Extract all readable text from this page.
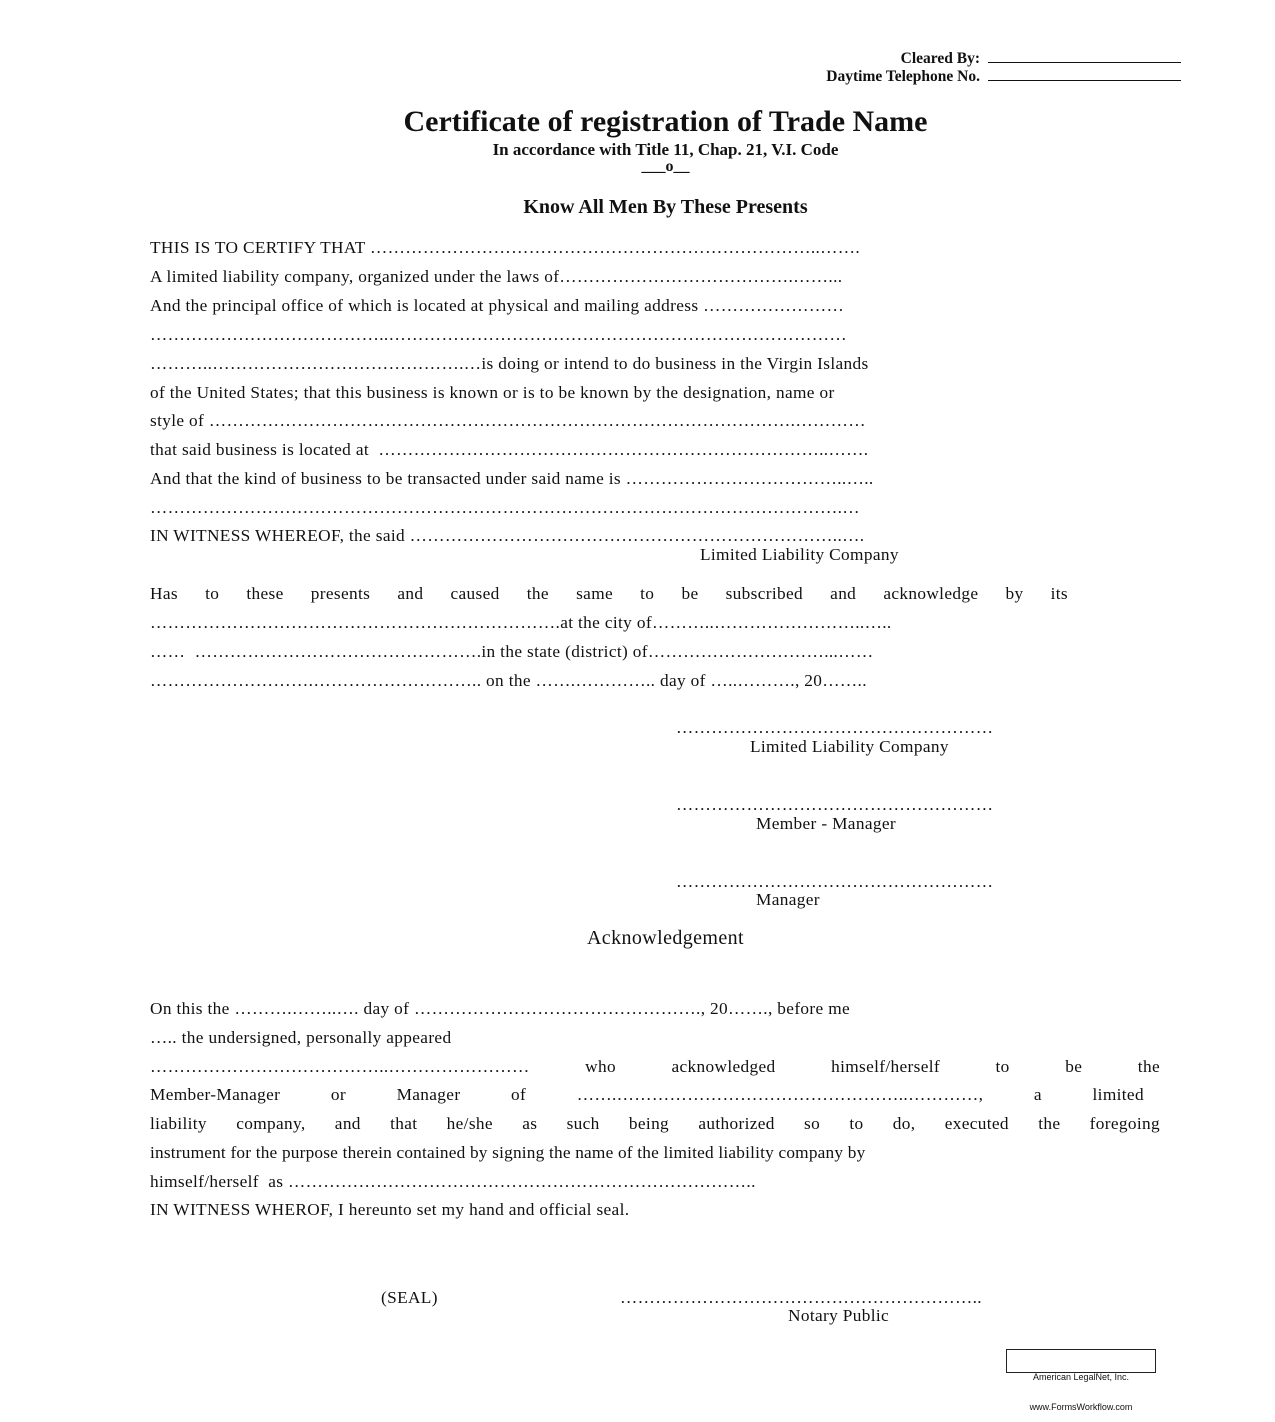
Cleared By:
Daytime Telephone No.
Certificate of registration of Trade Name
In accordance with Title 11, Chap. 21, V.I. Code
___o__
Know All Men By These Presents
THIS IS TO CERTIFY THAT …………………………………………………………………..…….
A limited liability company, organized under the laws of………………………………….……...
And the principal office of which is located at physical and mailing address ……………………
…………………………………..……………………………………………………………………
………..…………………………………….…is doing or intend to do business in the Virgin Islands
of the United States; that this business is known or is to be known by the designation, name or
style of ……………………………………………………………………………………….…………
that said business is located at  …………………………………………………………………..…….
And that the kind of business to be transacted under said name is ………………………………..…..
……………………………………………………………………………………………………….…
IN WITNESS WHEREOF, the said ………………………………………………………………..….
Limited Liability Company
Has to these presents and caused the same to be subscribed and acknowledge by its
…………………………………………………………….at the city of………..……………………..…..
……  ………………………………………….in the state (district) of…………………………...……
……………………….……………………….. on the …….………….. day of …..………., 20……..
………………………………………………
Limited Liability Company
………………………………………………
Member - Manager
………………………………………………
Manager
Acknowledgement
On this the ……….……..…. day of …………………………………………., 20……., before me
….. the undersigned, personally appeared
…………………………………..……………………	who	acknowledged	himself/herself	to	be	the
Member-Manager	or	Manager	of	…….…………………………………………..…………,	a	limited
liability company, and that he/she as such being authorized so to do, executed the foregoing
instrument for the purpose therein contained by signing the name of the limited liability company by
himself/herself  as ……………………………………………………………………..
IN WITNESS WHEROF, I hereunto set my hand and official seal.
(SEAL)	……………………………………………………..
Notary Public

American LegalNet, Inc.

www.FormsWorkflow.com
